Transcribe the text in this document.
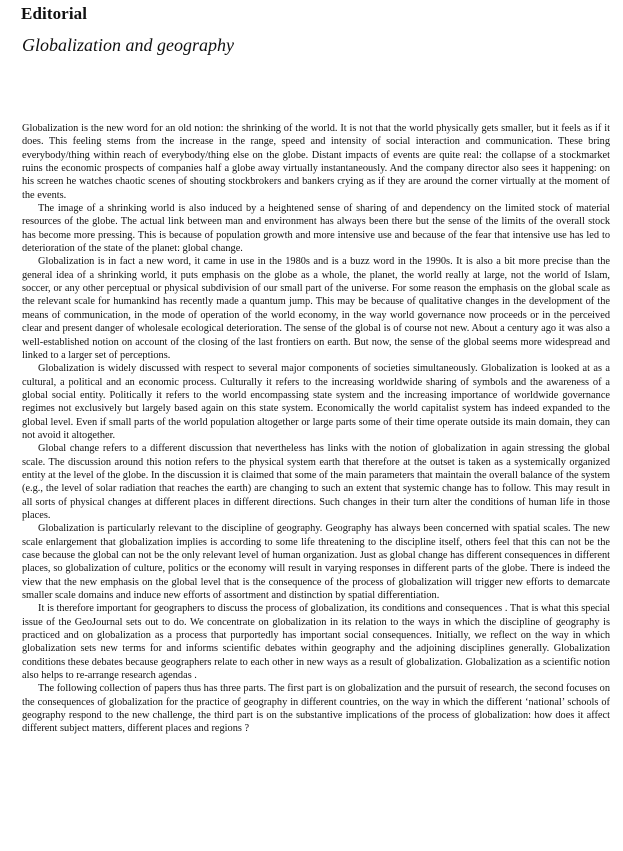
Editorial
Globalization and geography

Globalization is the new word for an old notion: the shrinking of the world. It is not that the world physically gets smaller, but it feels as if it does. This feeling stems from the increase in the range, speed and intensity of social interaction and communication. These bring everybody/thing within reach of everybody/thing else on the globe. Distant impacts of events are quite real: the collapse of a stockmarket ruins the economic prospects of companies half a globe away virtually instantaneously. And the company director also sees it happening: on his screen he watches chaotic scenes of shouting stockbrokers and bankers crying as if they are around the corner virtually at the moment of the events.

The image of a shrinking world is also induced by a heightened sense of sharing of and dependency on the limited stock of material resources of the globe. The actual link between man and environment has always been there but the sense of the limits of the overall stock has become more pressing. This is because of population growth and more intensive use and because of the fear that intensive use has led to deterioration of the state of the planet: global change.

Globalization is in fact a new word, it came in use in the 1980s and is a buzz word in the 1990s. It is also a bit more precise than the general idea of a shrinking world, it puts emphasis on the globe as a whole, the planet, the world really at large, not the world of Islam, soccer, or any other perceptual or physical subdivision of our small part of the universe. For some reason the emphasis on the global scale as the relevant scale for humankind has recently made a quantum jump. This may be because of qualitative changes in the development of the means of communication, in the mode of operation of the world economy, in the way world governance now proceeds or in the perceived clear and present danger of wholesale ecological deterioration. The sense of the global is of course not new. About a century ago it was also a well-established notion on account of the closing of the last frontiers on earth. But now, the sense of the global seems more widespread and linked to a larger set of perceptions.

Globalization is widely discussed with respect to several major components of societies simultaneously. Globalization is looked at as a cultural, a political and an economic process. Culturally it refers to the increasing worldwide sharing of symbols and the awareness of a global social entity. Politically it refers to the world encompassing state system and the increasing importance of worldwide governance regimes not exclusively but largely based again on this state system. Economically the world capitalist system has indeed expanded to the global level. Even if small parts of the world population altogether or large parts some of their time operate outside its main domain, they can not avoid it altogether.

Global change refers to a different discussion that nevertheless has links with the notion of globalization in again stressing the global scale. The discussion around this notion refers to the physical system earth that therefore at the outset is taken as a systemically organized entity at the level of the globe. In the discussion it is claimed that some of the main parameters that maintain the overall balance of the system (e.g., the level of solar radiation that reaches the earth) are changing to such an extent that systemic change has to follow. This may result in all sorts of physical changes at different places in different directions. Such changes in their turn alter the conditions of human life in those places.

Globalization is particularly relevant to the discipline of geography. Geography has always been concerned with spatial scales. The new scale enlargement that globalization implies is according to some life threatening to the discipline itself, others feel that this can not be the case because the global can not be the only relevant level of human organization. Just as global change has different consequences in different places, so globalization of culture, politics or the economy will result in varying responses in different parts of the globe. There is indeed the view that the new emphasis on the global level that is the consequence of the process of globalization will trigger new efforts to demarcate smaller scale domains and induce new efforts of assortment and distinction by spatial differentiation.

It is therefore important for geographers to discuss the process of globalization, its conditions and consequences . That is what this special issue of the GeoJournal sets out to do. We concentrate on globalization in its relation to the ways in which the discipline of geography is practiced and on globalization as a process that purportedly has important social consequences. Initially, we reflect on the way in which globalization sets new terms for and informs scientific debates within geography and the adjoining disciplines generally. Globalization conditions these debates because geographers relate to each other in new ways as a result of globalization. Globalization as a scientific notion also helps to re-arrange research agendas .

The following collection of papers thus has three parts. The first part is on globalization and the pursuit of research, the second focuses on the consequences of globalization for the practice of geography in different countries, on the way in which the different ‘national’ schools of geography respond to the new challenge, the third part is on the substantive implications of the process of globalization: how does it affect different subject matters, different places and regions ?
